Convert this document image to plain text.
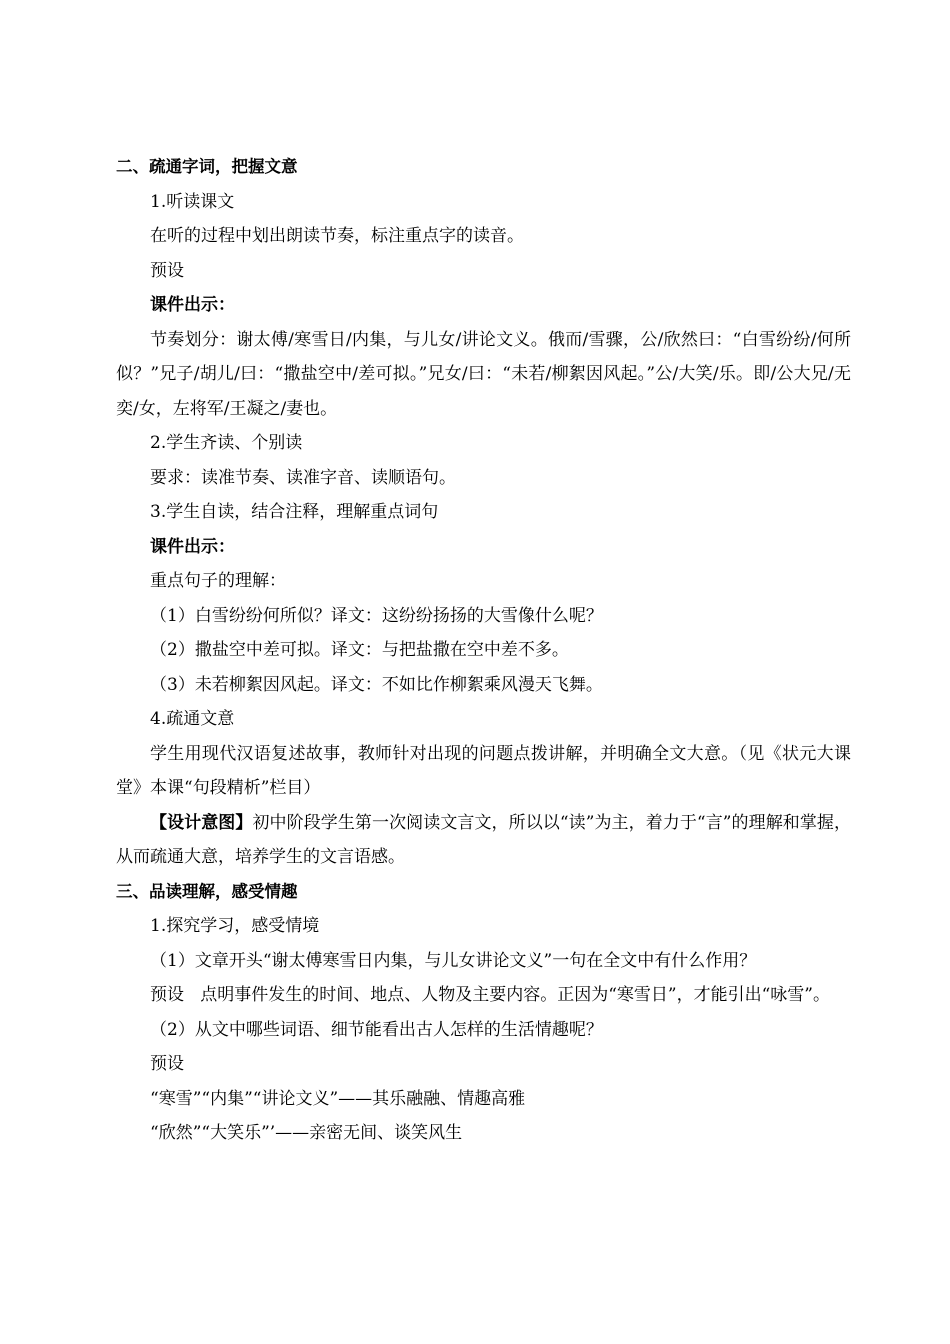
二、疏通字词，把握文意
1.听读课文
在听的过程中划出朗读节奏，标注重点字的读音。
预设
课件出示：
节奏划分：谢太傅/寒雪日/内集，与儿女/讲论文义。俄而/雪骤，公/欣然曰：“白雪纷纷/何所似？”兄子/胡儿/曰：“撒盐空中/差可拟。”兄女/曰：“未若/柳絮因风起。”公/大笑/乐。即/公大兄/无奕/女，左将军/王凝之/妻也。
2.学生齐读、个别读
要求：读准节奏、读准字音、读顺语句。
3.学生自读，结合注释，理解重点词句
课件出示：
重点句子的理解：
（1）白雪纷纷何所似？译文：这纷纷扬扬的大雪像什么呢？
（2）撒盐空中差可拟。译文：与把盐撒在空中差不多。
（3）未若柳絮因风起。译文：不如比作柳絮乘风漫天飞舞。
4.疏通文意
学生用现代汉语复述故事，教师针对出现的问题点拨讲解，并明确全文大意。（见《状元大课堂》本课“句段精析”栏目）
【设计意图】初中阶段学生第一次阅读文言文，所以以“读”为主，着力于“言”的理解和掌握，从而疏通大意，培养学生的文言语感。
三、品读理解，感受情趣
1.探究学习，感受情境
（1）文章开头“谢太傅寒雪日内集，与儿女讲论文义”一句在全文中有什么作用？
预设 点明事件发生的时间、地点、人物及主要内容。正因为“寒雪日”，才能引出“咏雪”。
（2）从文中哪些词语、细节能看出古人怎样的生活情趣呢？
预设
“寒雪”“内集”“讲论文义”——其乐融融、情趣高雅
“欣然”“大笑乐”’——亲密无间、谈笑风生
